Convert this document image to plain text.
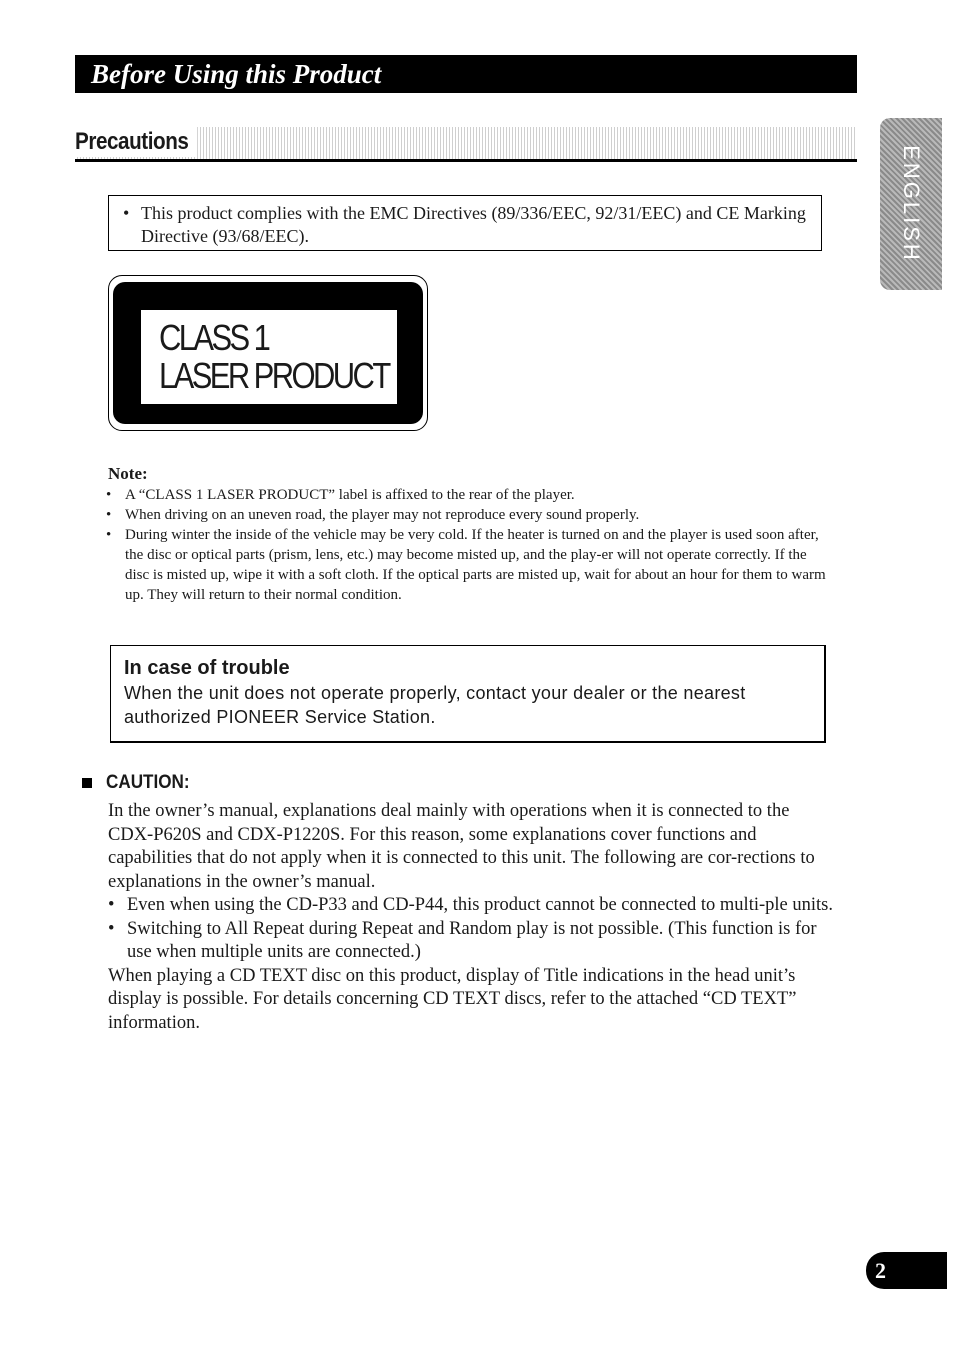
Before Using this Product
Precautions
ENGLISH
• This product complies with the EMC Directives (89/336/EEC, 92/31/EEC) and CE Marking Directive (93/68/EEC).
CLASS 1
LASER PRODUCT
Note:
• A “CLASS 1 LASER PRODUCT” label is affixed to the rear of the player.
• When driving on an uneven road, the player may not reproduce every sound properly.
• During winter the inside of the vehicle may be very cold. If the heater is turned on and the player is used soon after, the disc or optical parts (prism, lens, etc.) may become misted up, and the play-er will not operate correctly. If the disc is misted up, wipe it with a soft cloth. If the optical parts are misted up, wait for about an hour for them to warm up. They will return to their normal condition.
In case of trouble
When the unit does not operate properly, contact your dealer or the nearest authorized PIONEER Service Station.
CAUTION:

In the owner’s manual, explanations deal mainly with operations when it is connected to the CDX-P620S and CDX-P1220S. For this reason, some explanations cover functions and capabilities that do not apply when it is connected to this unit. The following are cor-rections to explanations in the owner’s manual.

• Even when using the CD-P33 and CD-P44, this product cannot be connected to multi-ple units.
• Switching to All Repeat during Repeat and Random play is not possible. (This function is for use when multiple units are connected.)

When playing a CD TEXT disc on this product, display of Title indications in the head unit’s display is possible. For details concerning CD TEXT discs, refer to the attached “CD TEXT” information.

2
